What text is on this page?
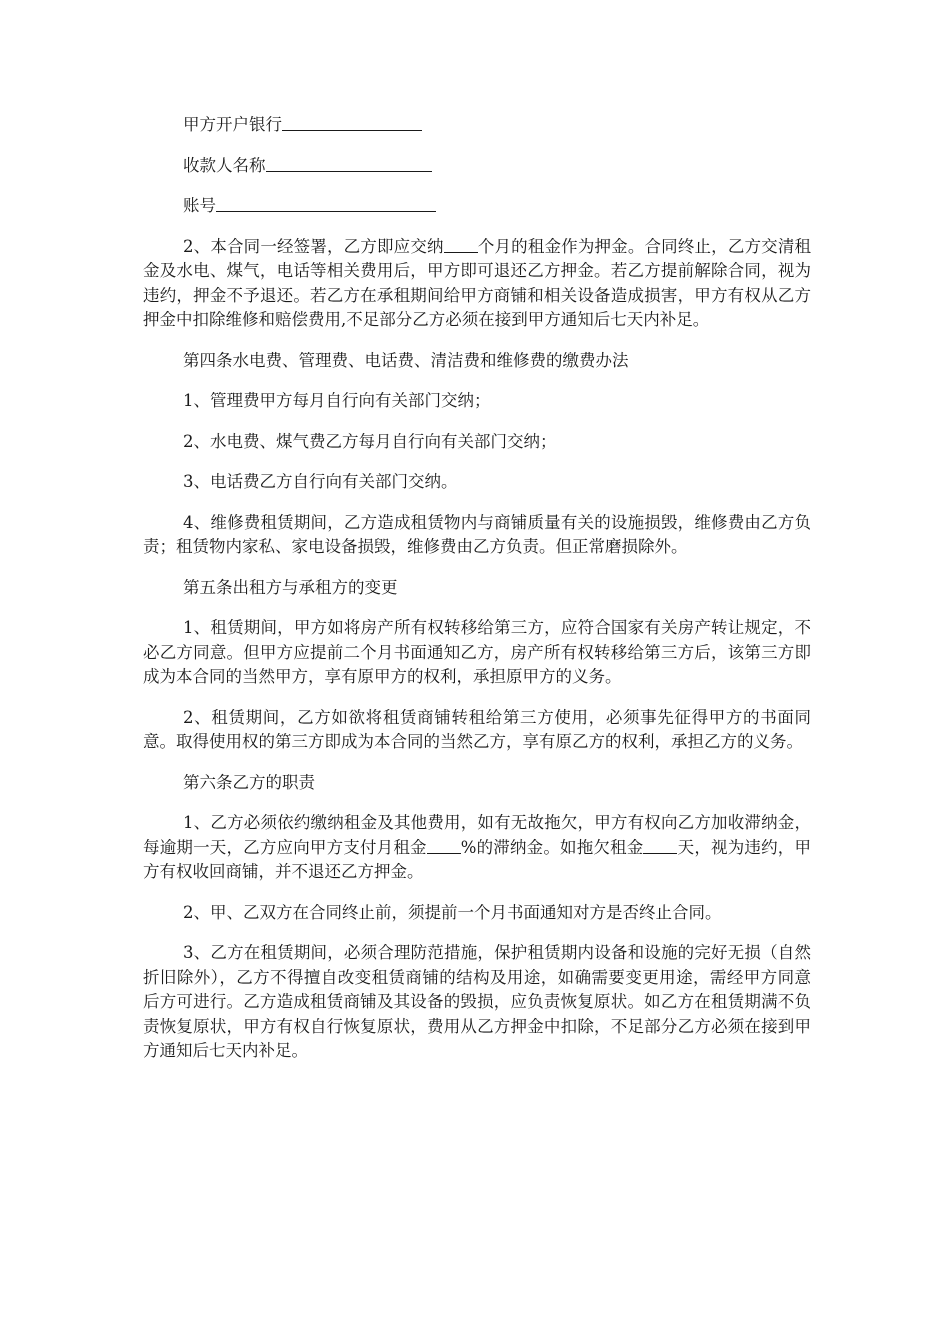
甲方开户银行

收款人名称

账号

2、本合同一经签署，乙方即应交纳 个月的租金作为押金。合同终止，乙方交清租金及水电、煤气，电话等相关费用后，甲方即可退还乙方押金。若乙方提前解除合同，视为违约，押金不予退还。若乙方在承租期间给甲方商铺和相关设备造成损害，甲方有权从乙方押金中扣除维修和赔偿费用,不足部分乙方必须在接到甲方通知后七天内补足。

第四条水电费、管理费、电话费、清洁费和维修费的缴费办法

1、管理费甲方每月自行向有关部门交纳；

2、水电费、煤气费乙方每月自行向有关部门交纳；

3、电话费乙方自行向有关部门交纳。

4、维修费租赁期间，乙方造成租赁物内与商铺质量有关的设施损毁，维修费由乙方负责；租赁物内家私、家电设备损毁，维修费由乙方负责。但正常磨损除外。

第五条出租方与承租方的变更

1、租赁期间，甲方如将房产所有权转移给第三方，应符合国家有关房产转让规定，不必乙方同意。但甲方应提前二个月书面通知乙方，房产所有权转移给第三方后，该第三方即成为本合同的当然甲方，享有原甲方的权利，承担原甲方的义务。

2、租赁期间，乙方如欲将租赁商铺转租给第三方使用，必须事先征得甲方的书面同意。取得使用权的第三方即成为本合同的当然乙方，享有原乙方的权利，承担乙方的义务。

第六条乙方的职责

1、乙方必须依约缴纳租金及其他费用，如有无故拖欠，甲方有权向乙方加收滞纳金，每逾期一天，乙方应向甲方支付月租金 %的滞纳金。如拖欠租金 天，视为违约，甲方有权收回商铺，并不退还乙方押金。

2、甲、乙双方在合同终止前，须提前一个月书面通知对方是否终止合同。

3、乙方在租赁期间，必须合理防范措施，保护租赁期内设备和设施的完好无损（自然折旧除外），乙方不得擅自改变租赁商铺的结构及用途，如确需要变更用途，需经甲方同意后方可进行。乙方造成租赁商铺及其设备的毁损，应负责恢复原状。如乙方在租赁期满不负责恢复原状，甲方有权自行恢复原状，费用从乙方押金中扣除，不足部分乙方必须在接到甲方通知后七天内补足。
